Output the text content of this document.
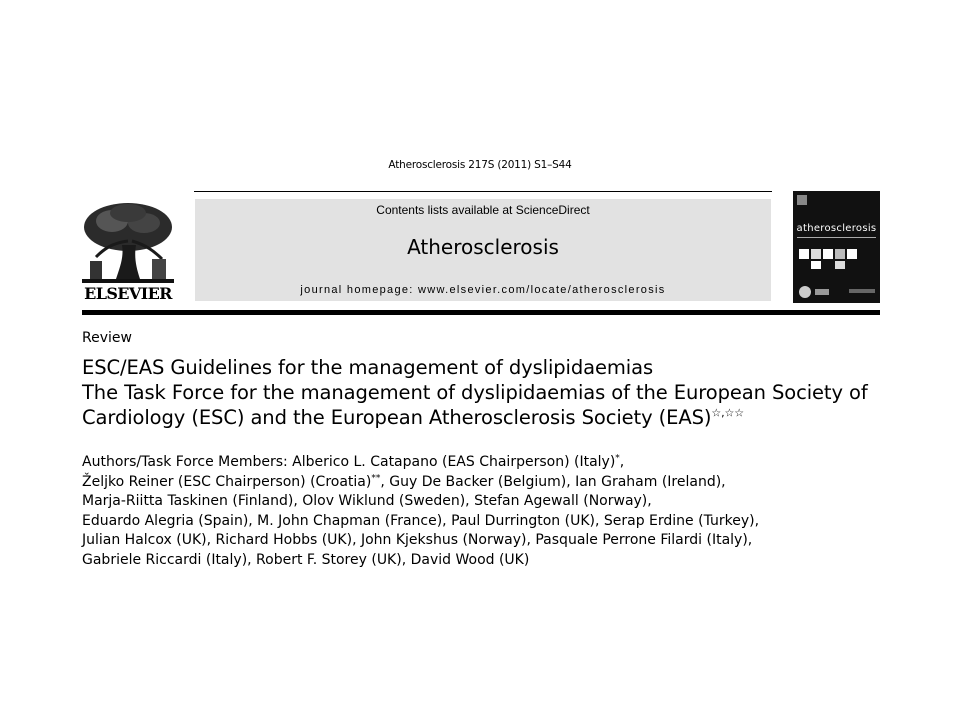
Atherosclerosis 217S (2011) S1–S44
ELSEVIER
Contents lists available at ScienceDirect
Atherosclerosis
journal homepage: www.elsevier.com/locate/atherosclerosis
atherosclerosis
Review
ESC/EAS Guidelines for the management of dyslipidaemias
The Task Force for the management of dyslipidaemias of the European Society of
Cardiology (ESC) and the European Atherosclerosis Society (EAS)☆,☆☆
Authors/Task Force Members: Alberico L. Catapano (EAS Chairperson) (Italy)*,
Željko Reiner (ESC Chairperson) (Croatia)**, Guy De Backer (Belgium), Ian Graham (Ireland),
Marja-Riitta Taskinen (Finland), Olov Wiklund (Sweden), Stefan Agewall (Norway),
Eduardo Alegria (Spain), M. John Chapman (France), Paul Durrington (UK), Serap Erdine (Turkey),
Julian Halcox (UK), Richard Hobbs (UK), John Kjekshus (Norway), Pasquale Perrone Filardi (Italy),
Gabriele Riccardi (Italy), Robert F. Storey (UK), David Wood (UK)
